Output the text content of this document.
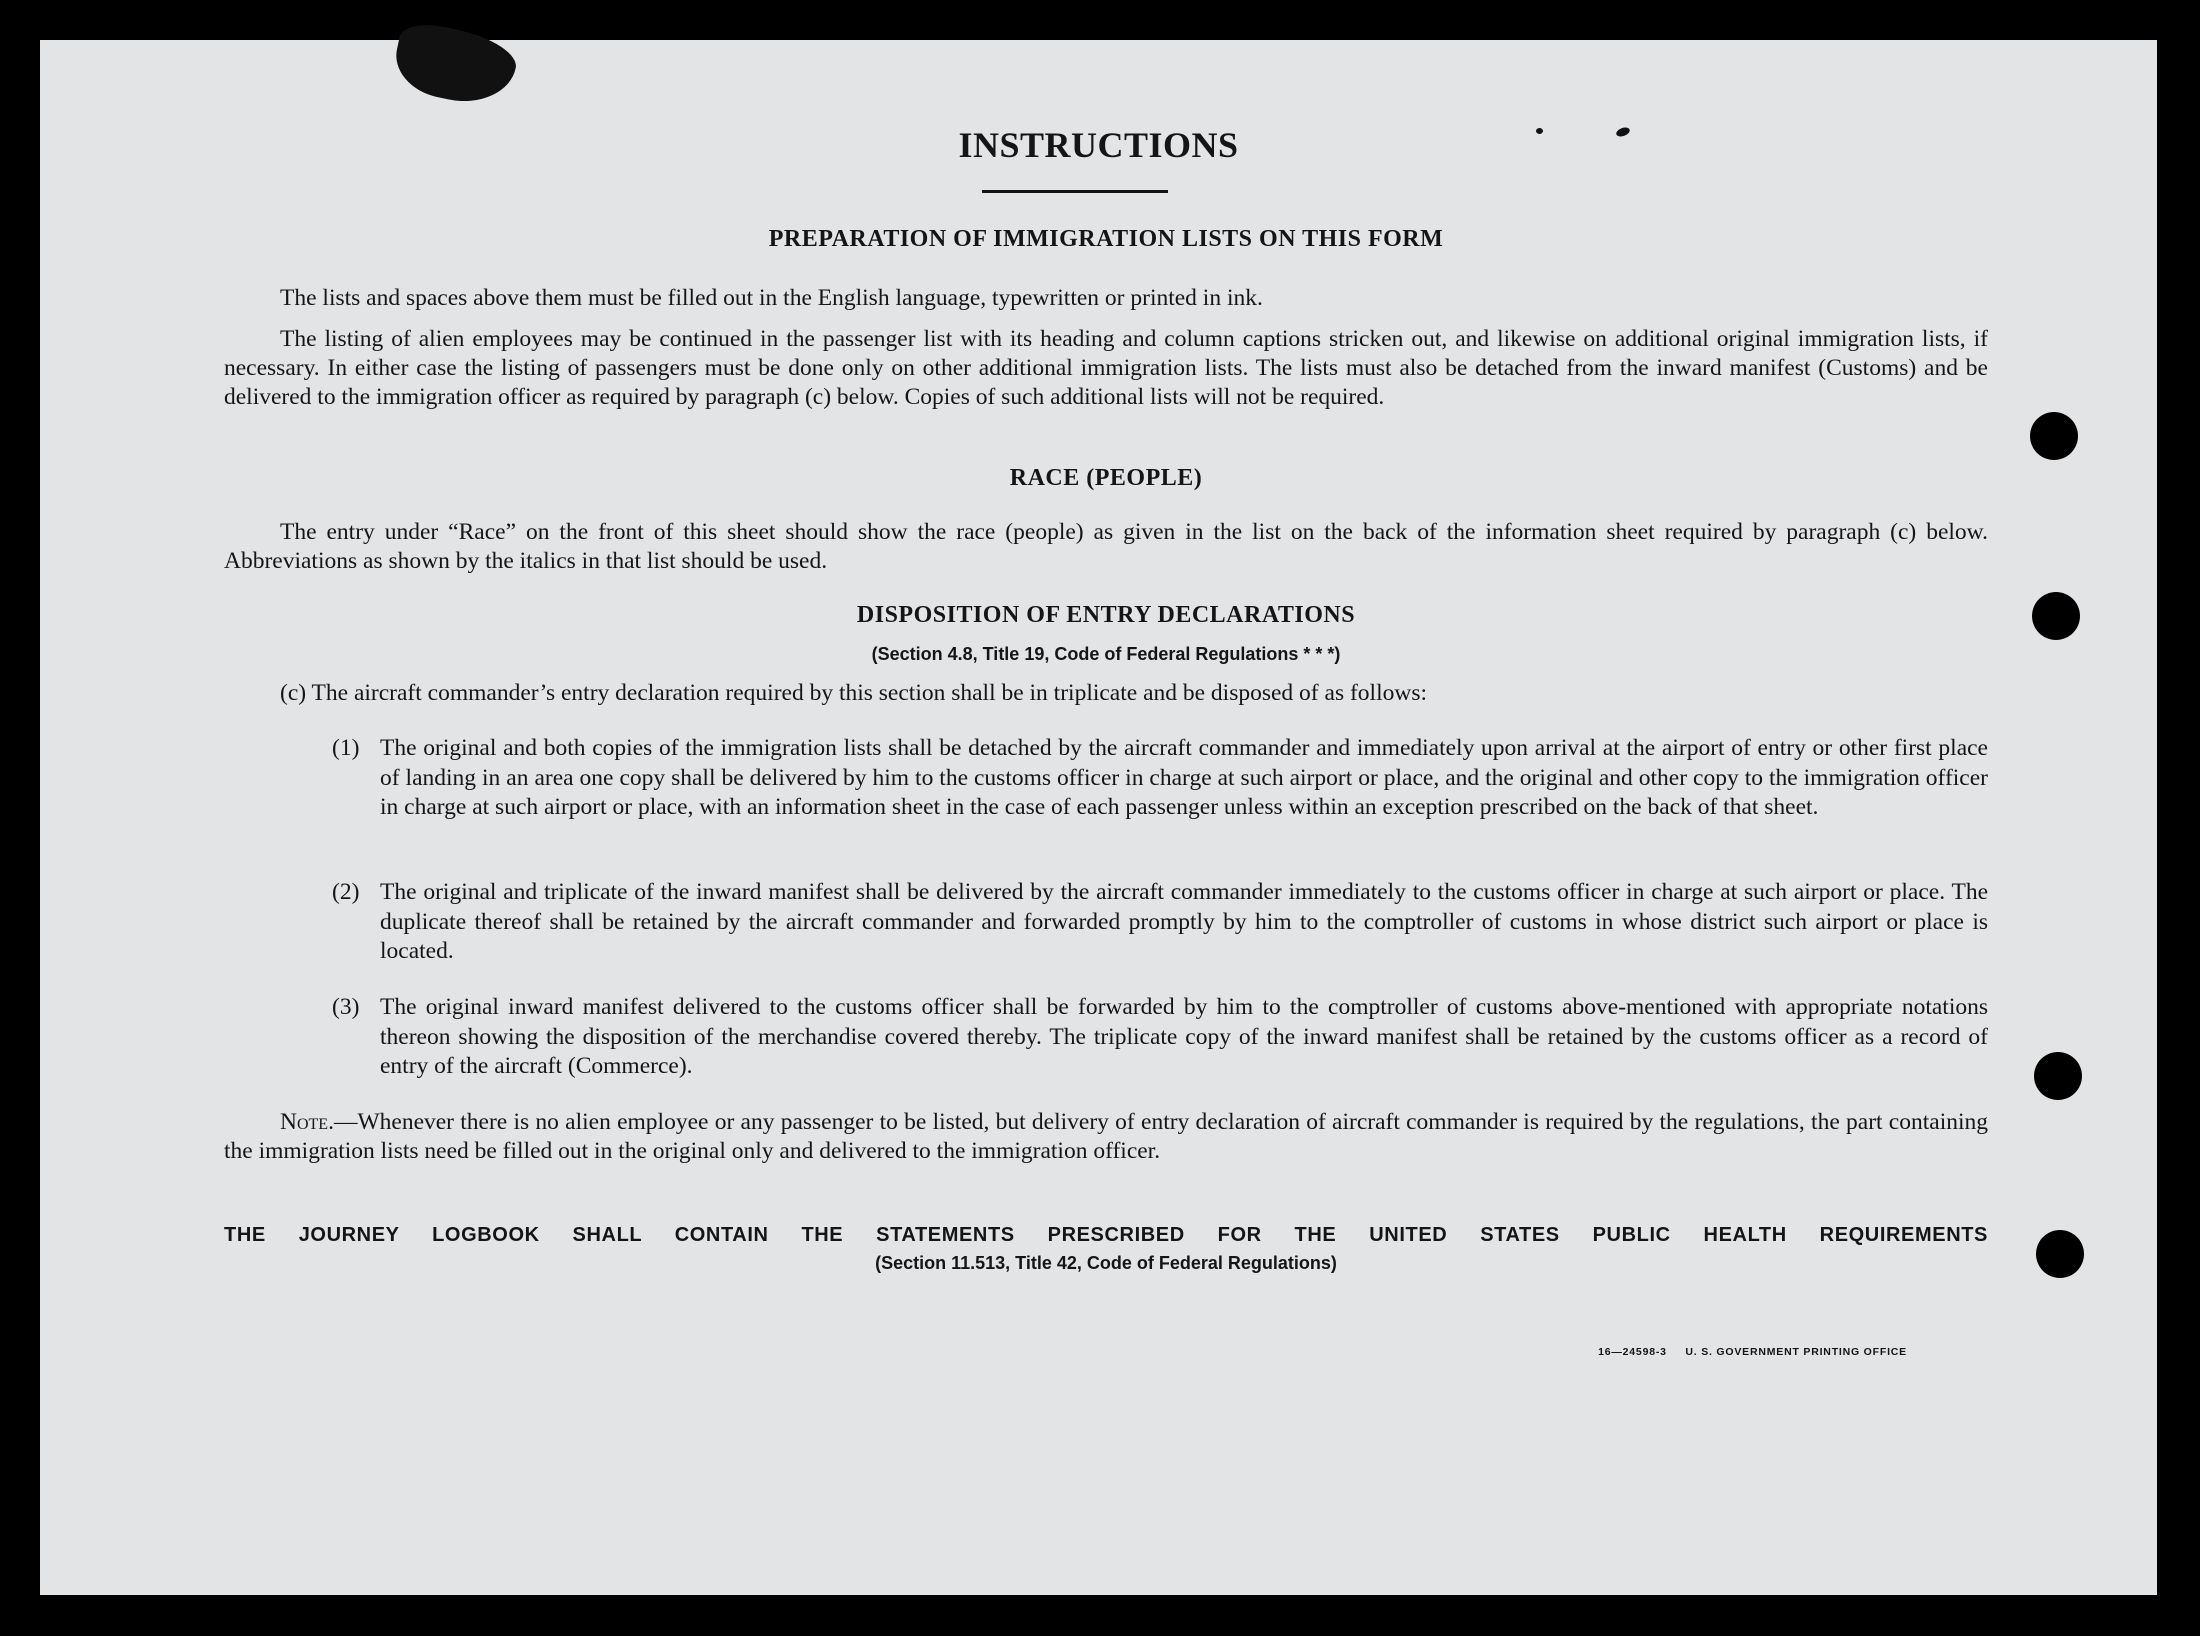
INSTRUCTIONS
PREPARATION OF IMMIGRATION LISTS ON THIS FORM
The lists and spaces above them must be filled out in the English language, typewritten or printed in ink.
The listing of alien employees may be continued in the passenger list with its heading and column captions stricken out, and likewise on additional original immigration lists, if necessary. In either case the listing of passengers must be done only on other additional immigration lists. The lists must also be detached from the inward manifest (Customs) and be delivered to the immigration officer as required by paragraph (c) below. Copies of such additional lists will not be required.
RACE (PEOPLE)
The entry under “Race” on the front of this sheet should show the race (people) as given in the list on the back of the information sheet required by paragraph (c) below. Abbreviations as shown by the italics in that list should be used.
DISPOSITION OF ENTRY DECLARATIONS
(Section 4.8, Title 19, Code of Federal Regulations * * *)
(c) The aircraft commander’s entry declaration required by this section shall be in triplicate and be disposed of as follows:
(1) The original and both copies of the immigration lists shall be detached by the aircraft commander and immediately upon arrival at the airport of entry or other first place of landing in an area one copy shall be delivered by him to the customs officer in charge at such airport or place, and the original and other copy to the immigration officer in charge at such airport or place, with an information sheet in the case of each passenger unless within an exception prescribed on the back of that sheet.
(2) The original and triplicate of the inward manifest shall be delivered by the aircraft commander immediately to the customs officer in charge at such airport or place. The duplicate thereof shall be retained by the aircraft commander and forwarded promptly by him to the comptroller of customs in whose district such airport or place is located.
(3) The original inward manifest delivered to the customs officer shall be forwarded by him to the comptroller of customs above-mentioned with appropriate notations thereon showing the disposition of the merchandise covered thereby. The triplicate copy of the inward manifest shall be retained by the customs officer as a record of entry of the aircraft (Commerce).
Note.—Whenever there is no alien employee or any passenger to be listed, but delivery of entry declaration of aircraft commander is required by the regulations, the part containing the immigration lists need be filled out in the original only and delivered to the immigration officer.
THE JOURNEY LOGBOOK SHALL CONTAIN THE STATEMENTS PRESCRIBED FOR THE UNITED STATES PUBLIC HEALTH REQUIREMENTS
(Section 11.513, Title 42, Code of Federal Regulations)
16—24598-3     U. S. GOVERNMENT PRINTING OFFICE
